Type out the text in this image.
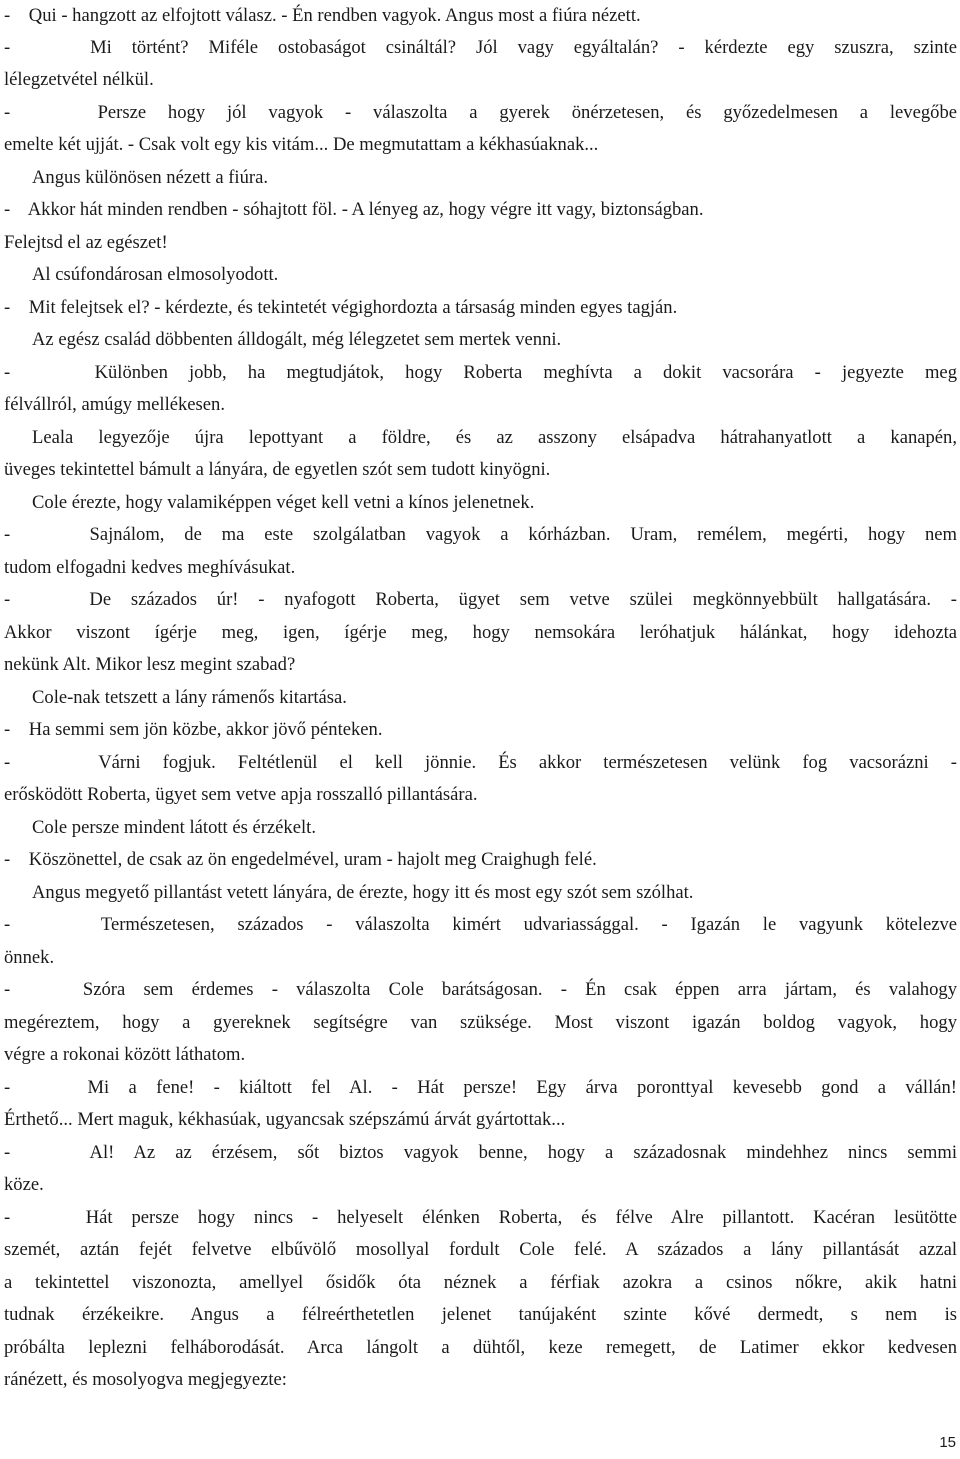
-    Qui - hangzott az elfojtott válasz. - Én rendben vagyok. Angus most a fiúra nézett.
-    Mi történt? Miféle ostobaságot csináltál? Jól vagy egyáltalán? - kérdezte egy szuszra, szinte
lélegzetvétel nélkül.
-    Persze hogy jól vagyok - válaszolta a gyerek önérzetesen, és győzedelmesen a levegőbe
emelte két ujját. - Csak volt egy kis vitám... De megmutattam a kékhasúaknak...
Angus különösen nézett a fiúra.
-    Akkor hát minden rendben - sóhajtott föl. - A lényeg az, hogy végre itt vagy, biztonságban.
Felejtsd el az egészet!
Al csúfondárosan elmosolyodott.
-    Mit felejtsek el? - kérdezte, és tekintetét végighordozta a társaság minden egyes tagján.
Az egész család döbbenten álldogált, még lélegzetet sem mertek venni.
-    Különben jobb, ha megtudjátok, hogy Roberta meghívta a dokit vacsorára - jegyezte meg
félvállról, amúgy mellékesen.
Leala legyezője újra lepottyant a földre, és az asszony elsápadva hátrahanyatlott a kanapén,
üveges tekintettel bámult a lányára, de egyetlen szót sem tudott kinyögni.
Cole érezte, hogy valamiképpen véget kell vetni a kínos jelenetnek.
-    Sajnálom, de ma este szolgálatban vagyok a kórházban. Uram, remélem, megérti, hogy nem
tudom elfogadni kedves meghívásukat.
-    De százados úr! - nyafogott Roberta, ügyet sem vetve szülei megkönnyebbült hallgatására. -
Akkor viszont ígérje meg, igen, ígérje meg, hogy nemsokára leróhatjuk hálánkat, hogy idehozta
nekünk Alt. Mikor lesz megint szabad?
Cole-nak tetszett a lány rámenős kitartása.
-    Ha semmi sem jön közbe, akkor jövő pénteken.
-    Várni fogjuk. Feltétlenül el kell jönnie. És akkor természetesen velünk fog vacsorázni -
erősködött Roberta, ügyet sem vetve apja rosszalló pillantására.
Cole persze mindent látott és érzékelt.
-    Köszönettel, de csak az ön engedelmével, uram - hajolt meg Craighugh felé.
Angus megyető pillantást vetett lányára, de érezte, hogy itt és most egy szót sem szólhat.
-    Természetesen, százados - válaszolta kimért udvariassággal. - Igazán le vagyunk kötelezve
önnek.
-    Szóra sem érdemes - válaszolta Cole barátságosan. - Én csak éppen arra jártam, és valahogy
megéreztem, hogy a gyereknek segítségre van szüksége. Most viszont igazán boldog vagyok, hogy
végre a rokonai között láthatom.
-    Mi a fene! - kiáltott fel Al. - Hát persze! Egy árva poronttyal kevesebb gond a vállán!
Érthető... Mert maguk, kékhasúak, ugyancsak szépszámú árvát gyártottak...
-    Al! Az az érzésem, sőt biztos vagyok benne, hogy a századosnak mindehhez nincs semmi
köze.
-    Hát persze hogy nincs - helyeselt élénken Roberta, és félve Alre pillantott. Kacéran lesütötte
szemét, aztán fejét felvetve elbűvölő mosollyal fordult Cole felé. A százados a lány pillantását azzal
a tekintettel viszonozta, amellyel ősidők óta néznek a férfiak azokra a csinos nőkre, akik hatni
tudnak érzékeikre. Angus a félreérthetetlen jelenet tanújaként szinte kővé dermedt, s nem is
próbálta leplezni felháborodását. Arca lángolt a dühtől, keze remegett, de Latimer ekkor kedvesen
ránézett, és mosolyogva megjegyezte:
15
